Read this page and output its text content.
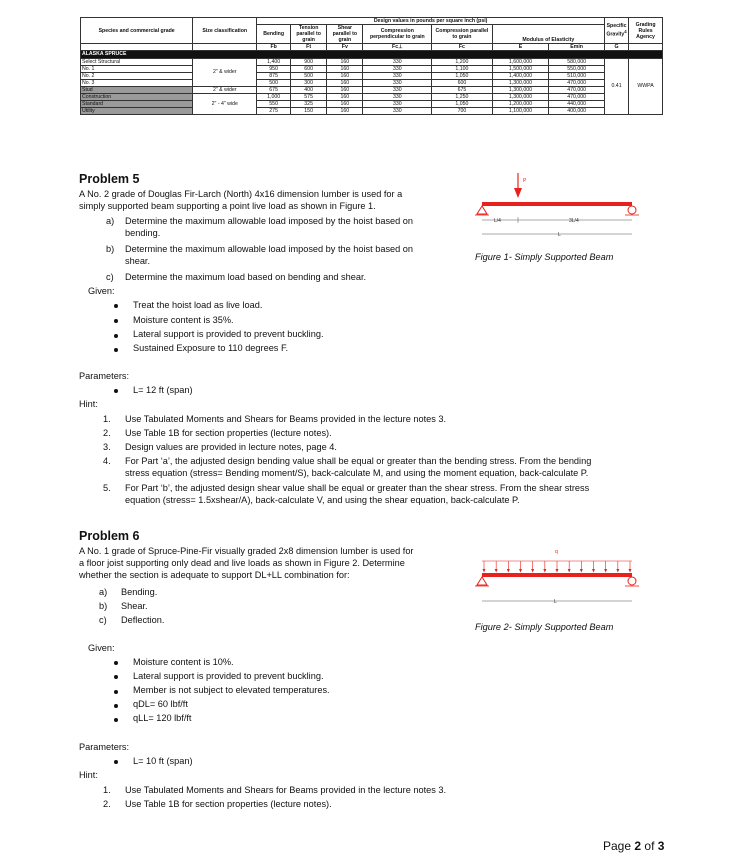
Species and commercial grade	Size classification	Design values in pounds per square inch (psi)							Specific Gravity$^4$	Grading Rules Agency
		Bending	Tension parallel to grain	Shear parallel to grain	Compression perpendicular to grain	Compression parallel to grain	Modulus of Elasticity			

		Fb	Ft	Fv	Fc⊥	Fc	E	Emin	G	
ALASKA SPRUCE										
Select Structural	2" & wider	1,400	900	160	330	1,200	1,600,000	580,000	0.41	WWPA
No. 1		950	600	160	330	1,100	1,500,000	550,000		
No. 2		875	500	160	330	1,050	1,400,000	510,000		
No. 3		500	300	160	330	600	1,300,000	470,000		
Stud	2" & wider	675	400	160	330	675	1,300,000	470,000		
Construction	2" - 4" wide	1,000	575	160	330	1,250	1,300,000	470,000		
Standard		550	325	160	330	1,050	1,200,000	440,000		
Utility		275	150	160	330	700	1,100,000	400,000		
Problem 5
A No. 2 grade of Douglas Fir-Larch (North) 4x16 dimension lumber is used for a
simply supported beam supporting a point live load as shown in Figure 1.
a) Determine the maximum allowable load imposed by the hoist based on
bending.
b) Determine the maximum allowable load imposed by the hoist based on
shear.
c) Determine the maximum load based on bending and shear.
Given:
Treat the hoist load as live load.
Moisture content is 35%.
Lateral support is provided to prevent buckling.
Sustained Exposure to 110 degrees F.
Parameters:
L= 12 ft (span)
Hint:
1. Use Tabulated Moments and Shears for Beams provided in the lecture notes 3.
2. Use Table 1B for section properties (lecture notes).
3. Design values are provided in lecture notes, page 4.
4. For Part ‘a’, the adjusted design bending value shall be equal or greater than the bending stress. From the bending
stress equation (stress= Bending moment/S), back-calculate M, and using the moment equation, back-calculate P.
5. For Part ‘b’, the adjusted design shear value shall be equal or greater than the shear stress. From the shear stress
equation (stress= 1.5xshear/A), back-calculate V, and using the shear equation, back-calculate P.
P
L/4	3L/4
L
Figure 1- Simply Supported Beam
Problem 6
A No. 1 grade of Spruce-Pine-Fir visually graded 2x8 dimension lumber is used for
a floor joist supporting only dead and live loads as shown in Figure 2. Determine
whether the section is adequate to support DL+LL combination for:
a) Bending.
b) Shear.
c) Deflection.
Given:
Moisture content is 10%.
Lateral support is provided to prevent buckling.
Member is not subject to elevated temperatures.
qDL= 60 lbf/ft
qLL= 120 lbf/ft
Parameters:
L= 10 ft (span)
Hint:
1. Use Tabulated Moments and Shears for Beams provided in the lecture notes 3.
2. Use Table 1B for section properties (lecture notes).
q
L
Figure 2- Simply Supported Beam
Page 2 of 3
